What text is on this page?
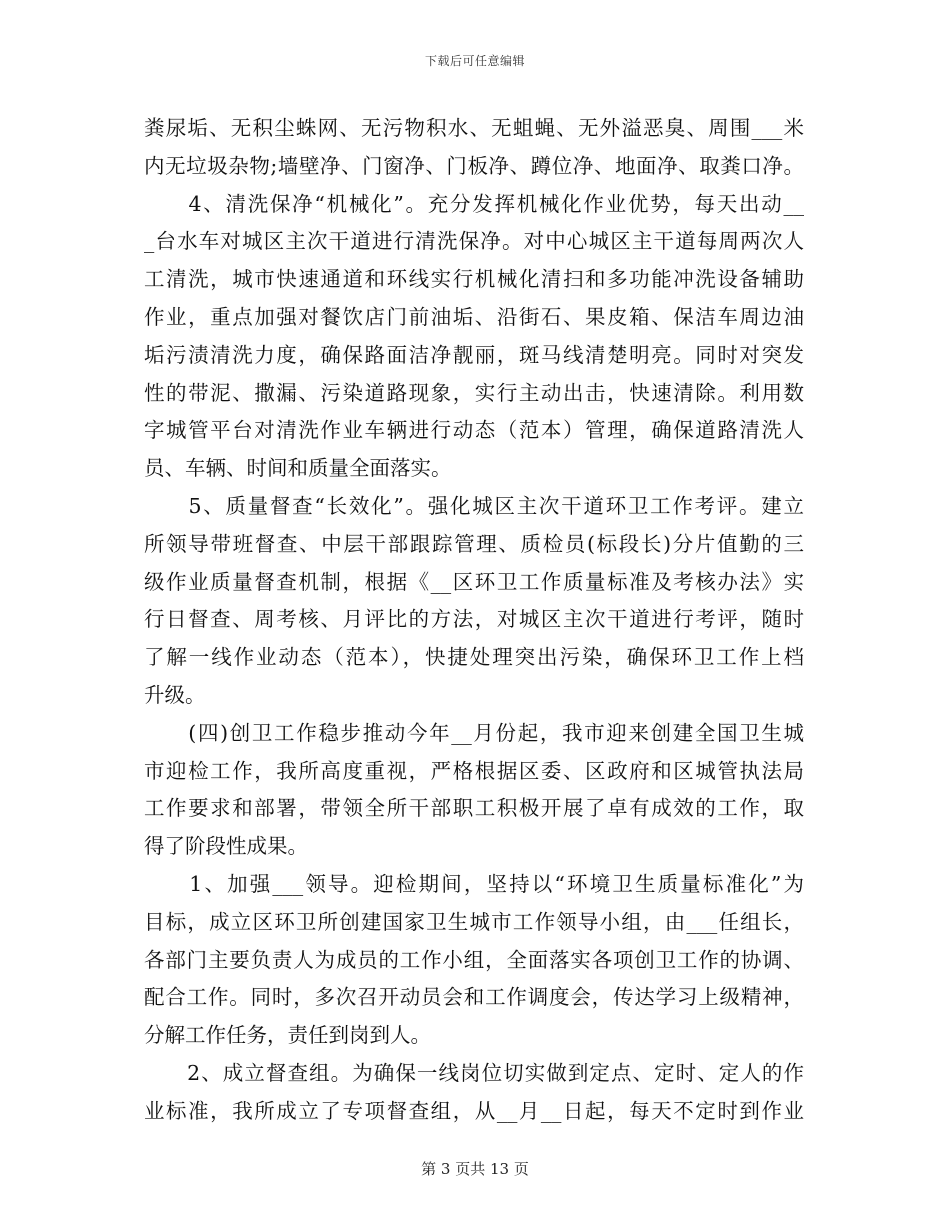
下载后可任意编辑
粪尿垢、无积尘蛛网、无污物积水、无蛆蝇、无外溢恶臭、周围___米
内无垃圾杂物;墙壁净、门窗净、门板净、蹲位净、地面净、取粪口净。
　　4、清洗保净“机械化”。充分发挥机械化作业优势，每天出动__
_台水车对城区主次干道进行清洗保净。对中心城区主干道每周两次人
工清洗，城市快速通道和环线实行机械化清扫和多功能冲洗设备辅助
作业，重点加强对餐饮店门前油垢、沿街石、果皮箱、保洁车周边油
垢污渍清洗力度，确保路面洁净靓丽，斑马线清楚明亮。同时对突发
性的带泥、撒漏、污染道路现象，实行主动出击，快速清除。利用数
字城管平台对清洗作业车辆进行动态（范本）管理，确保道路清洗人
员、车辆、时间和质量全面落实。
　　5、质量督查“长效化”。强化城区主次干道环卫工作考评。建立
所领导带班督查、中层干部跟踪管理、质检员(标段长)分片值勤的三
级作业质量督查机制，根据《__区环卫工作质量标准及考核办法》实
行日督查、周考核、月评比的方法，对城区主次干道进行考评，随时
了解一线作业动态（范本），快捷处理突出污染，确保环卫工作上档
升级。
　　(四)创卫工作稳步推动今年__月份起，我市迎来创建全国卫生城
市迎检工作，我所高度重视，严格根据区委、区政府和区城管执法局
工作要求和部署，带领全所干部职工积极开展了卓有成效的工作，取
得了阶段性成果。
　　1、加强___领导。迎检期间，坚持以“环境卫生质量标准化”为
目标，成立区环卫所创建国家卫生城市工作领导小组，由___任组长，
各部门主要负责人为成员的工作小组，全面落实各项创卫工作的协调、
配合工作。同时，多次召开动员会和工作调度会，传达学习上级精神，
分解工作任务，责任到岗到人。
　　2、成立督查组。为确保一线岗位切实做到定点、定时、定人的作
业标准，我所成立了专项督查组，从__月__日起，每天不定时到作业
第 3 页共 13 页
